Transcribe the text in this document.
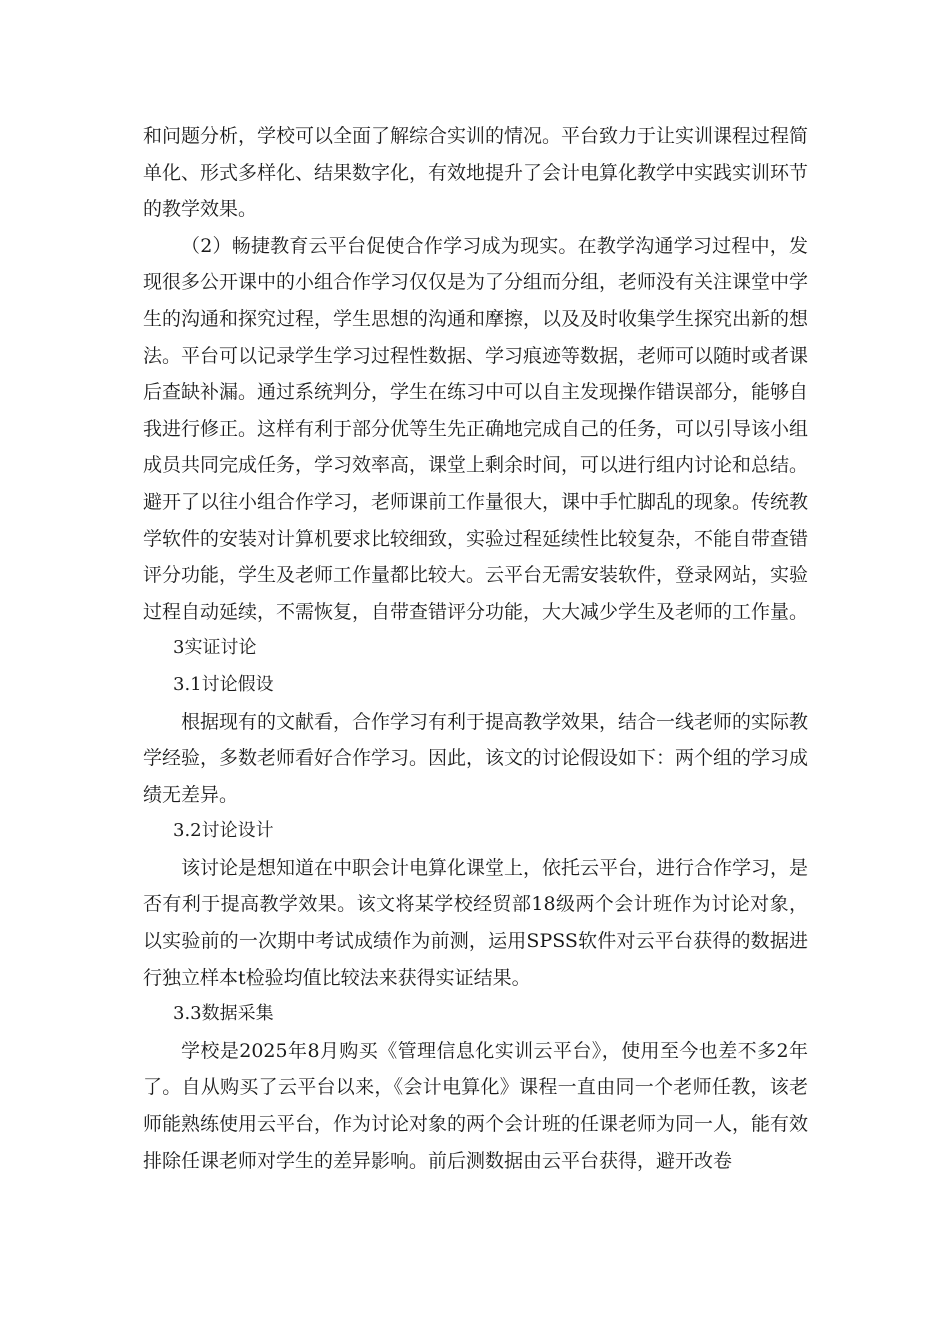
和问题分析，学校可以全面了解综合实训的情况。平台致力于让实训课程过程简单化、形式多样化、结果数字化，有效地提升了会计电算化教学中实践实训环节的教学效果。

（2）畅捷教育云平台促使合作学习成为现实。在教学沟通学习过程中，发现很多公开课中的小组合作学习仅仅是为了分组而分组，老师没有关注课堂中学生的沟通和探究过程，学生思想的沟通和摩擦，以及及时收集学生探究出新的想法。平台可以记录学生学习过程性数据、学习痕迹等数据，老师可以随时或者课后查缺补漏。通过系统判分，学生在练习中可以自主发现操作错误部分，能够自我进行修正。这样有利于部分优等生先正确地完成自己的任务，可以引导该小组成员共同完成任务，学习效率高，课堂上剩余时间，可以进行组内讨论和总结。避开了以往小组合作学习，老师课前工作量很大，课中手忙脚乱的现象。传统教学软件的安装对计算机要求比较细致，实验过程延续性比较复杂，不能自带查错评分功能，学生及老师工作量都比较大。云平台无需安装软件，登录网站，实验过程自动延续，不需恢复，自带查错评分功能，大大减少学生及老师的工作量。

3实证讨论

3.1讨论假设

根据现有的文献看，合作学习有利于提高教学效果，结合一线老师的实际教学经验，多数老师看好合作学习。因此，该文的讨论假设如下：两个组的学习成绩无差异。

3.2讨论设计

该讨论是想知道在中职会计电算化课堂上，依托云平台，进行合作学习，是否有利于提高教学效果。该文将某学校经贸部18级两个会计班作为讨论对象，以实验前的一次期中考试成绩作为前测，运用SPSS软件对云平台获得的数据进行独立样本t检验均值比较法来获得实证结果。

3.3数据采集

学校是2025年8月购买《管理信息化实训云平台》，使用至今也差不多2年了。自从购买了云平台以来，《会计电算化》课程一直由同一个老师任教，该老师能熟练使用云平台，作为讨论对象的两个会计班的任课老师为同一人，能有效排除任课老师对学生的差异影响。前后测数据由云平台获得，避开改卷
